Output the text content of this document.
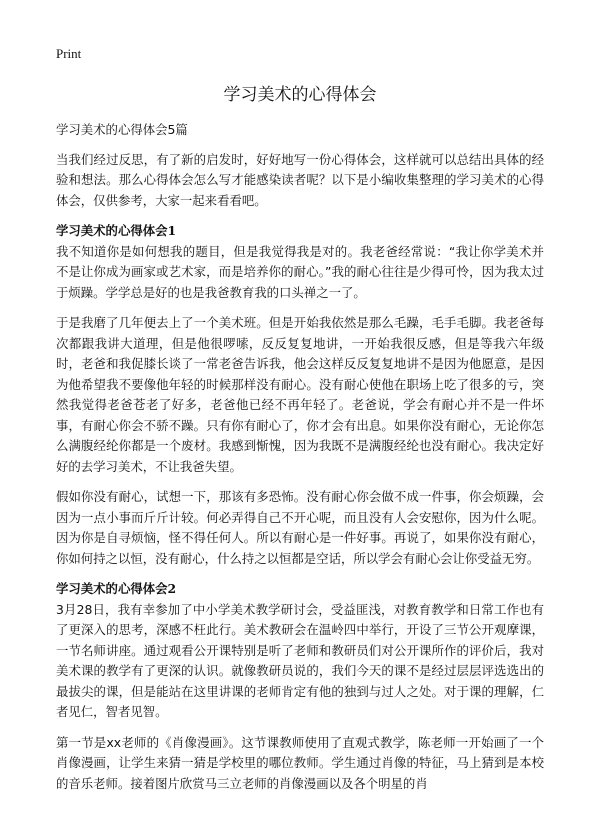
Print
学习美术的心得体会

学习美术的心得体会5篇

当我们经过反思，有了新的启发时，好好地写一份心得体会，这样就可以总结出具体的经验和想法。那么心得体会怎么写才能感染读者呢？以下是小编收集整理的学习美术的心得体会，仅供参考，大家一起来看看吧。

学习美术的心得体会1

我不知道你是如何想我的题目，但是我觉得我是对的。我老爸经常说：“我让你学美术并不是让你成为画家或艺术家，而是培养你的耐心。”我的耐心往往是少得可怜，因为我太过于烦躁。学学总是好的也是我爸教育我的口头禅之一了。

于是我磨了几年便去上了一个美术班。但是开始我依然是那么毛躁，毛手毛脚。我老爸每次都跟我讲大道理，但是他很啰嗦，反反复复地讲，一开始我很反感，但是等我六年级时，老爸和我促膝长谈了一常老爸告诉我，他会这样反反复复地讲不是因为他愿意，是因为他希望我不要像他年轻的时候那样没有耐心。没有耐心使他在职场上吃了很多的亏，突然我觉得老爸苍老了好多，老爸他已经不再年轻了。老爸说，学会有耐心并不是一件坏事，有耐心你会不骄不躁。只有你有耐心了，你才会有出息。如果你没有耐心，无论你怎么满腹经纶你都是一个废材。我感到惭愧，因为我既不是满腹经纶也没有耐心。我决定好好的去学习美术，不让我爸失望。

假如你没有耐心，试想一下，那该有多恐怖。没有耐心你会做不成一件事，你会烦躁，会因为一点小事而斤斤计较。何必弄得自己不开心呢，而且没有人会安慰你，因为什么呢。因为你是自寻烦恼，怪不得任何人。所以有耐心是一件好事。再说了，如果你没有耐心，你如何持之以恒，没有耐心，什么持之以恒都是空话，所以学会有耐心会让你受益无穷。

学习美术的心得体会2

3月28日，我有幸参加了中小学美术教学研讨会，受益匪浅，对教育教学和日常工作也有了更深入的思考，深感不枉此行。美术教研会在温岭四中举行，开设了三节公开观摩课，一节名师讲座。通过观看公开课特别是听了老师和教研员们对公开课所作的评价后，我对美术课的教学有了更深的认识。就像教研员说的，我们今天的课不是经过层层评选选出的最拔尖的课，但是能站在这里讲课的老师肯定有他的独到与过人之处。对于课的理解，仁者见仁，智者见智。

第一节是xx老师的《肖像漫画》。这节课教师使用了直观式教学，陈老师一开始画了一个肖像漫画，让学生来猜一猜是学校里的哪位教师。学生通过肖像的特征，马上猜到是本校的音乐老师。接着图片欣赏马三立老师的肖像漫画以及各个明星的肖
